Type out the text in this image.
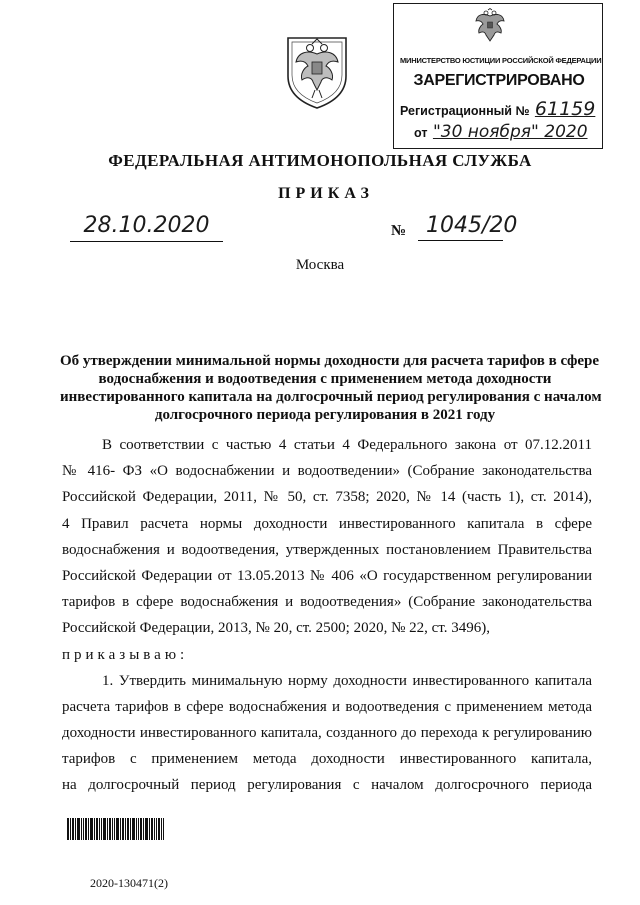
МИНИСТЕРСТВО ЮСТИЦИИ РОССИЙСКОЙ ФЕДЕРАЦИИ
ЗАРЕГИСТРИРОВАНО
Регистрационный № 61159
от "30 ноября" 2020
ФЕДЕРАЛЬНАЯ АНТИМОНОПОЛЬНАЯ СЛУЖБА
ПРИКАЗ
28.10.2020	№ 1045/20
Москва
Об утверждении минимальной нормы доходности для расчета тарифов в сфере
водоснабжения и водоотведения с применением метода доходности
инвестированного капитала на долгосрочный период регулирования с началом
долгосрочного периода регулирования в 2021 году
В соответствии с частью 4 статьи 4 Федерального закона от 07.12.2011
№ 416- ФЗ «О водоснабжении и водоотведении» (Собрание законодательства
Российской Федерации, 2011, № 50, ст. 7358; 2020, № 14 (часть 1), ст. 2014),
4 Правил расчета нормы доходности инвестированного капитала в сфере
водоснабжения и водоотведения, утвержденных постановлением Правительства
Российской Федерации от 13.05.2013 № 406 «О государственном регулировании
тарифов в сфере водоснабжения и водоотведения» (Собрание законодательства
Российской Федерации, 2013, № 20, ст. 2500; 2020, № 22, ст. 3496),
приказываю:
1. Утвердить минимальную норму доходности инвестированного капитала
расчета тарифов в сфере водоснабжения и водоотведения с применением метода
доходности инвестированного капитала, созданного до перехода к регулированию
тарифов с применением метода доходности инвестированного капитала,
на долгосрочный период регулирования с началом долгосрочного периода
2020-130471(2)
